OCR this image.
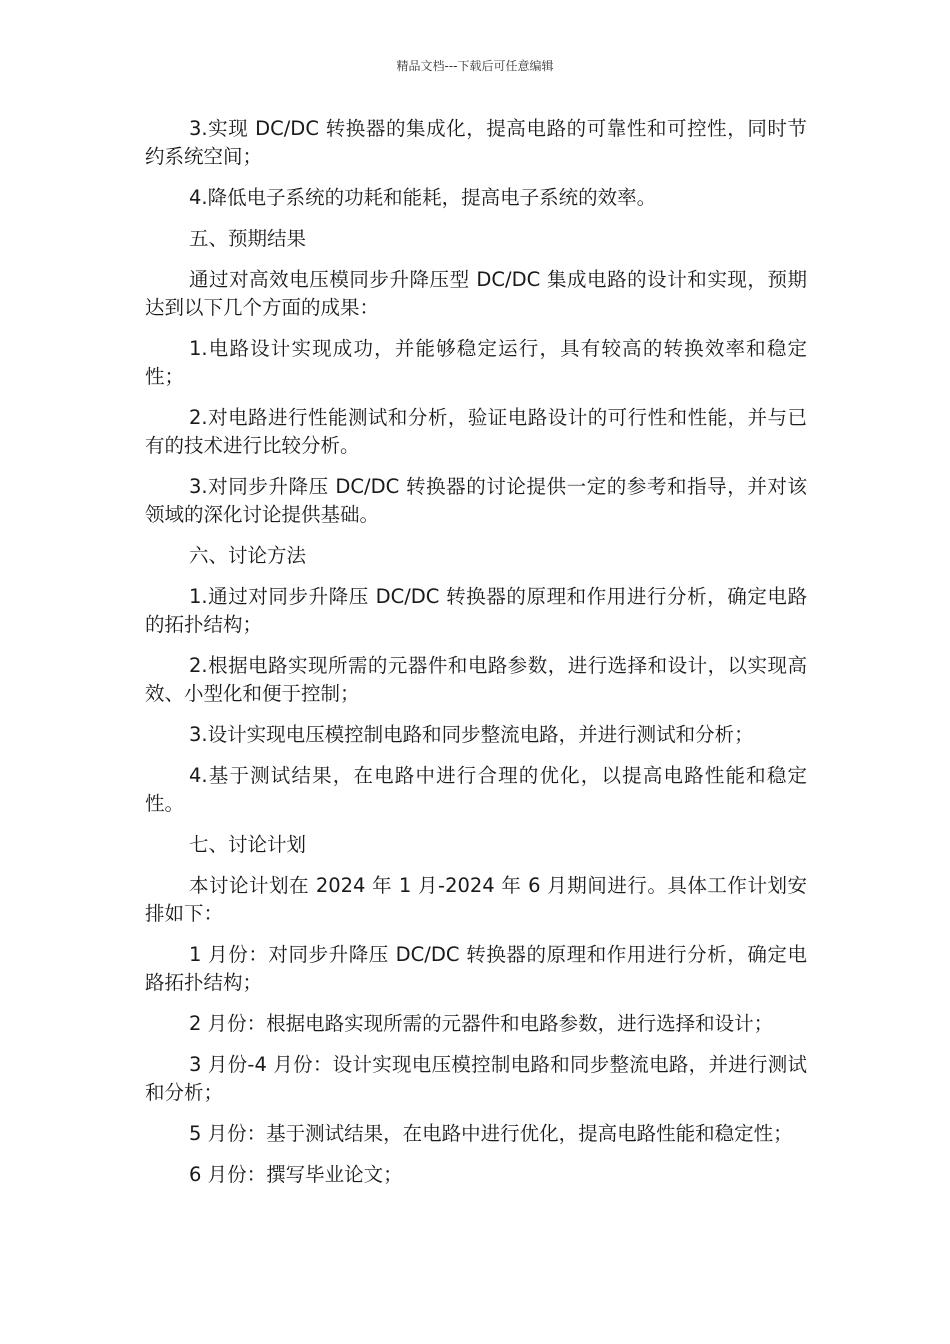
精品文档---下载后可任意编辑

3.实现 DC/DC 转换器的集成化，提高电路的可靠性和可控性，同时节约系统空间；

4.降低电子系统的功耗和能耗，提高电子系统的效率。

五、预期结果

通过对高效电压模同步升降压型 DC/DC 集成电路的设计和实现，预期达到以下几个方面的成果：

1.电路设计实现成功，并能够稳定运行，具有较高的转换效率和稳定性；

2.对电路进行性能测试和分析，验证电路设计的可行性和性能，并与已有的技术进行比较分析。

3.对同步升降压 DC/DC 转换器的讨论提供一定的参考和指导，并对该领域的深化讨论提供基础。

六、讨论方法

1.通过对同步升降压 DC/DC 转换器的原理和作用进行分析，确定电路的拓扑结构；

2.根据电路实现所需的元器件和电路参数，进行选择和设计，以实现高效、小型化和便于控制；

3.设计实现电压模控制电路和同步整流电路，并进行测试和分析；

4.基于测试结果，在电路中进行合理的优化，以提高电路性能和稳定性。

七、讨论计划

本讨论计划在 2024 年 1 月-2024 年 6 月期间进行。具体工作计划安排如下：

1 月份：对同步升降压 DC/DC 转换器的原理和作用进行分析，确定电路拓扑结构；

2 月份：根据电路实现所需的元器件和电路参数，进行选择和设计；

3 月份-4 月份：设计实现电压模控制电路和同步整流电路，并进行测试和分析；

5 月份：基于测试结果，在电路中进行优化，提高电路性能和稳定性；

6 月份：撰写毕业论文；
